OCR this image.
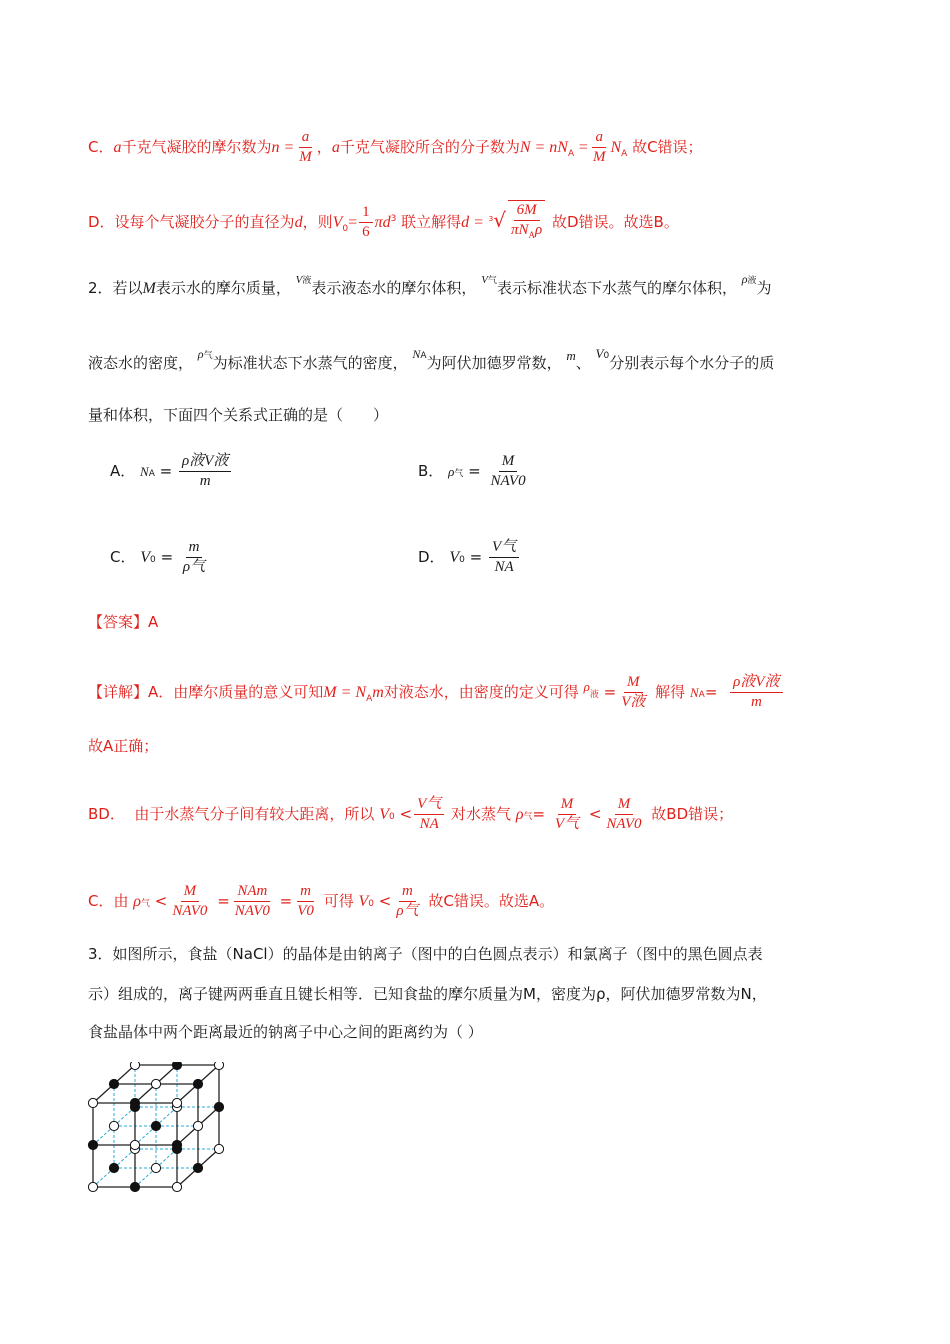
C．a千克气凝胶的摩尔数为$n = \frac{a}{M}$ ，a千克气凝胶所含的分子数为$N = nN_A = \frac{a}{M} N_A$ 故C错误；
D．设每个气凝胶分子的直径为d，则$V_0= \frac{1}{6} \pi d^3$ 联立解得$d = ^3√ \frac{6M}{\pi N_A\rho}$ 故D错误。故选B。
2．若以M表示水的摩尔质量， V液表示液态水的摩尔体积， V气表示标准状态下水蒸气的摩尔体积， ρ液为
液态水的密度， ρ气为标准状态下水蒸气的密度， NA为阿伏加德罗常数， m、 V0分别表示每个水分子的质
量和体积，下面四个关系式正确的是（　　）
A． NA = $\frac{\text{ρ液V液}}{m}$	B． ρ气 = $\frac{M}{\text{NAV0}}$
C． $V0 = \frac{m}{\text{ρ气}}$	D． $V0 = \frac{\text{V气}}{NA}$
【答案】A
【详解】A．由摩尔质量的意义可知$M = N_Am$对液态水，由密度的定义可得 ρ液 = $\frac{M}{\text{V液}}$ 解得 $NA= \frac{\text{ρ液V液}}{m}$
故A正确；
BD． 由于水蒸气分子间有较大距离，所以 $V0 < \frac{\text{V气}}{NA}$ 对水蒸气 ρ气= $\frac{M}{\text{V气}} < \frac{M}{\text{NAV0}}$ 故BD错误；
C．由 ρ气 < $\frac{M}{\text{NAV0}} = \frac{\text{NAm}}{\text{NAV0}} = \frac{m}{V0}$ 可得 $V0 < \frac{m}{\text{ρ气}}$ 故C错误。故选A。
3．如图所示，食盐（NaCl）的晶体是由钠离子（图中的白色圆点表示）和氯离子（图中的黑色圆点表
示）组成的，离子键两两垂直且键长相等．已知食盐的摩尔质量为M，密度为ρ，阿伏加德罗常数为N，
食盐晶体中两个距离最近的钠离子中心之间的距离约为（ ）
